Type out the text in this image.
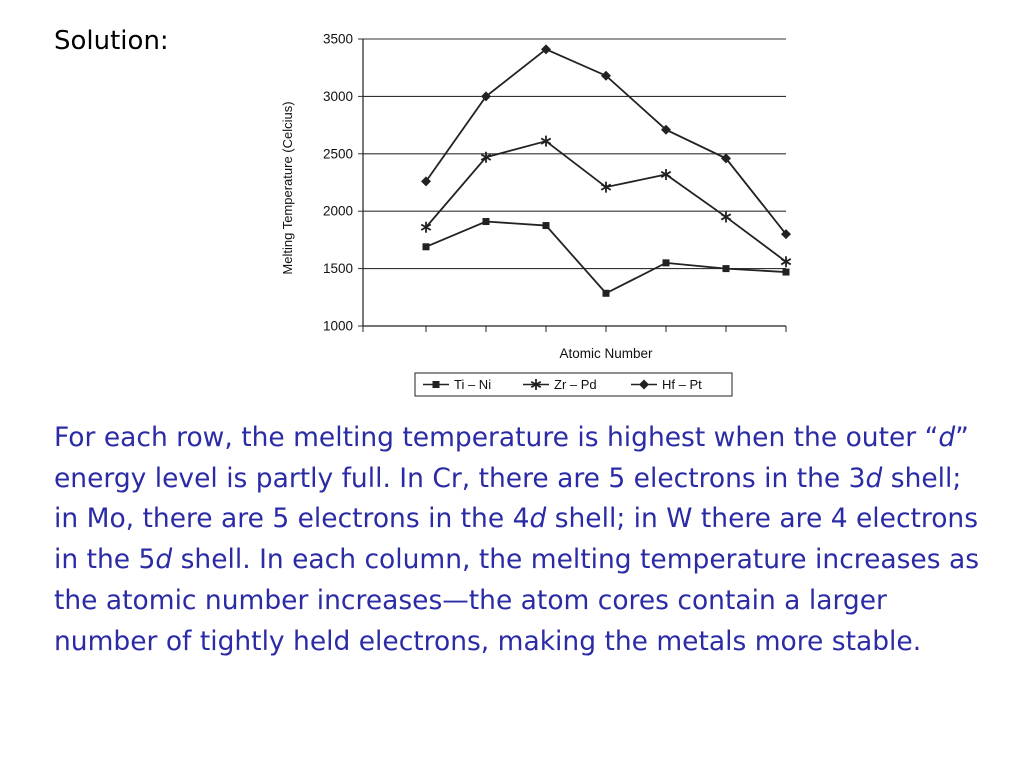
Solution:
1000
1500
2000
2500
3000
3500
Atomic Number
Melting Temperature (Celcius)
Ti – Ni	Zr – Pd	Hf – Pt

For each row, the melting temperature is highest when the outer “d” energy level is partly full. In Cr, there are 5 electrons in the 3d shell; in Mo, there are 5 electrons in the 4d shell; in W there are 4 electrons in the 5d shell. In each column, the melting temperature increases as the atomic number increases—the atom cores contain a larger number of tightly held electrons, making the metals more stable.
